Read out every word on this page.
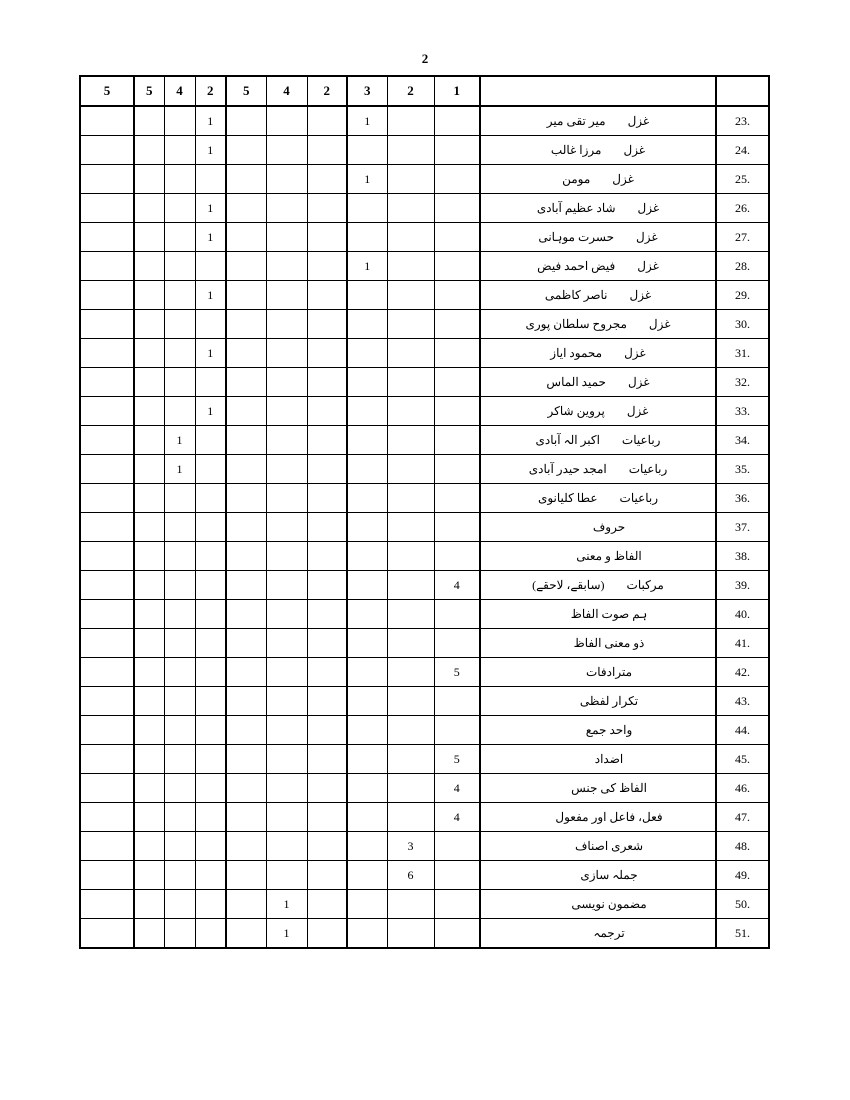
2
5	5	4	2	5	4	2	3	2	1		
			1				1			غزلمیر تقی میر	23.
			1							غزلمرزا غالب	24.
							1			غزلمومن	25.
			1							غزلشاد عظیم آبادی	26.
			1							غزلحسرت موہانی	27.
							1			غزلفیض احمد فیض	28.
			1							غزلناصر کاظمی	29.
										غزلمجروح سلطان پوری	30.
			1							غزلمحمود ایاز	31.
										غزلحمید الماس	32.
			1							غزلپروین شاکر	33.
		1								رباعیاتاکبر الہ آبادی	34.
		1								رباعیاتامجد حیدر آبادی	35.
										رباعیاتعطا کلیانوی	36.
										حروف	37.
										الفاظ و معنی	38.
									4	مرکبات(سابقے، لاحقے)	39.
										ہم صوت الفاظ	40.
										ذو معنی الفاظ	41.
									5	مترادفات	42.
										تکرار لفظی	43.
										واحد جمع	44.
									5	اضداد	45.
									4	الفاظ کی جنس	46.
									4	فعل، فاعل اور مفعول	47.
								3		شعری اصناف	48.
								6		جملہ سازی	49.
					1					مضمون نویسی	50.
					1					ترجمہ	51.
